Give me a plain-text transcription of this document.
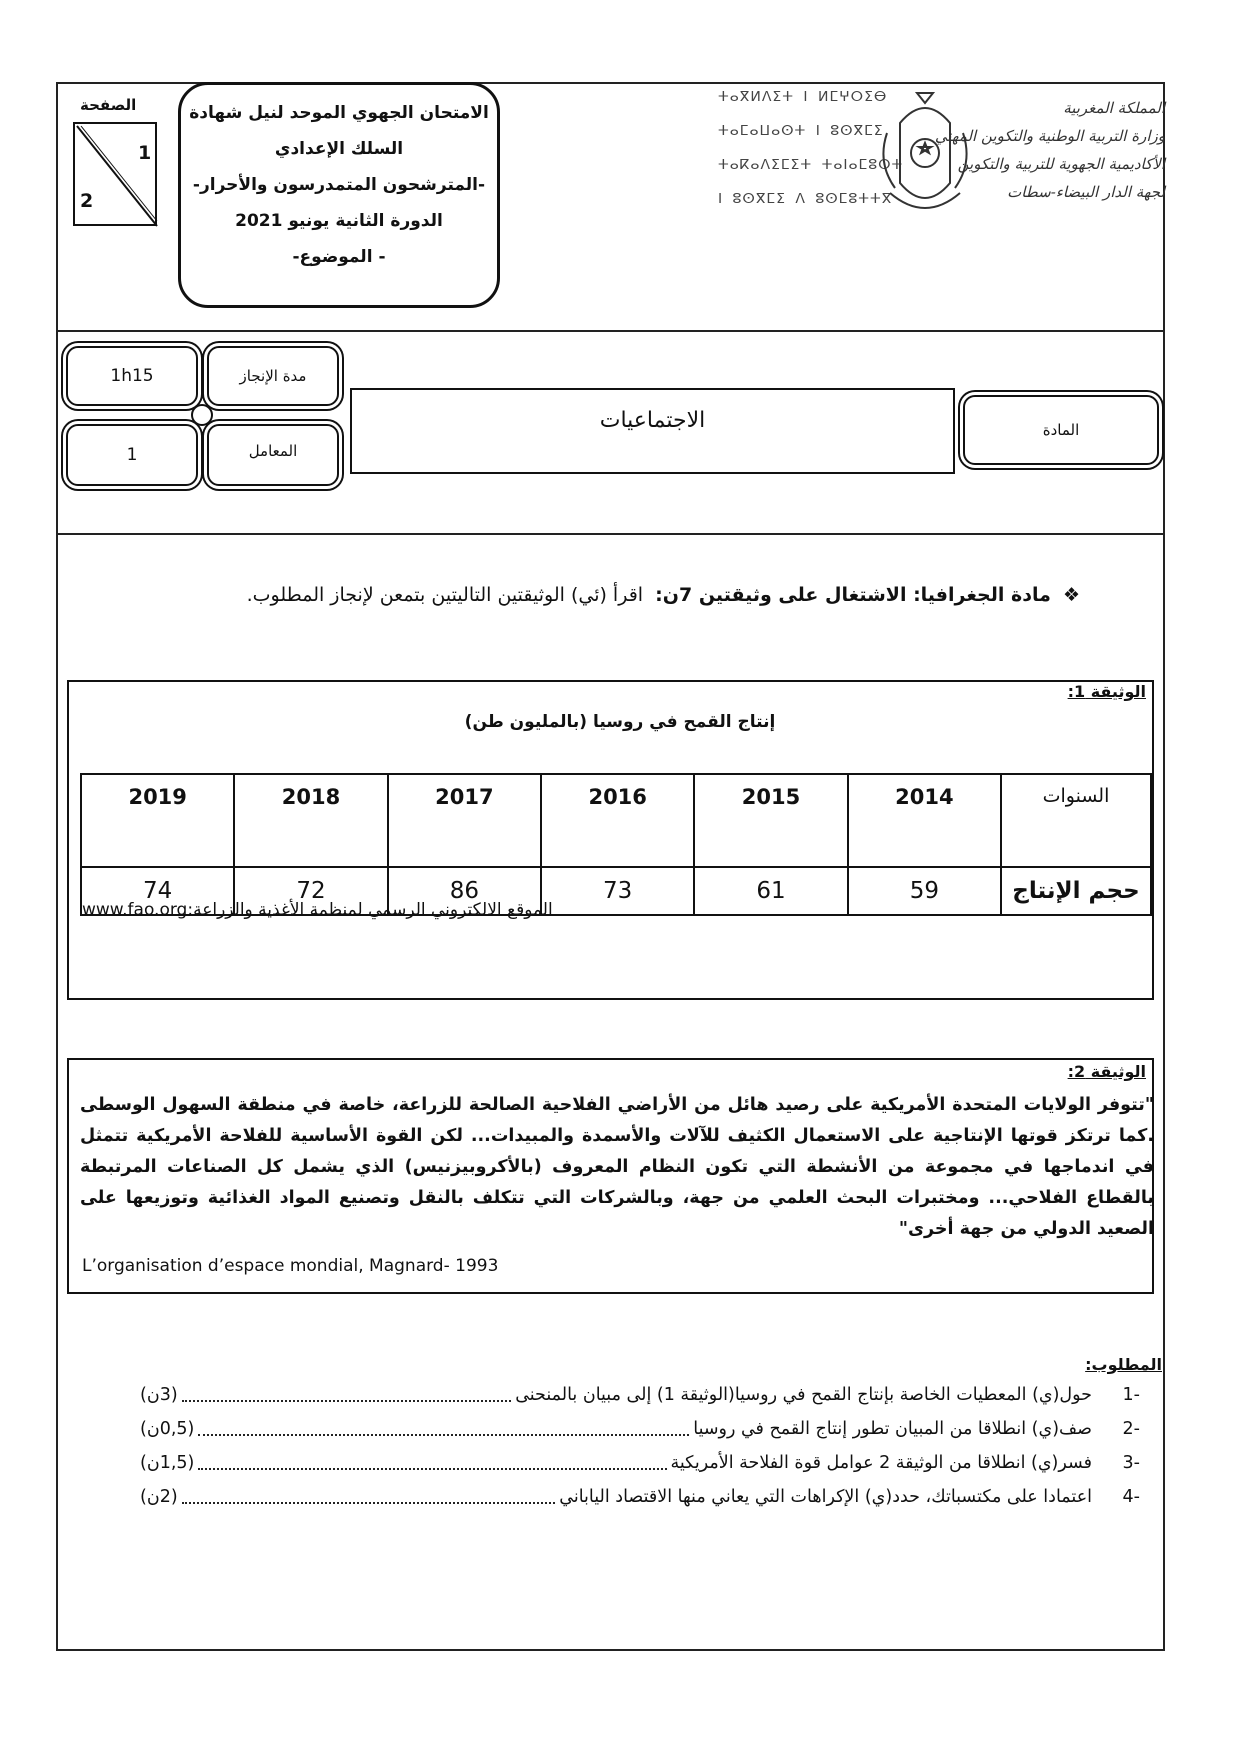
الصفحة
1
2
الامتحان الجهوي الموحد لنيل شهادة السلك الإعدادي
-المترشحون المتمدرسون والأحرار-
الدورة الثانية يونيو 2021
- الموضوع-
ⵜⴰⴳⵍⴷⵉⵜ ⵏ ⵍⵎⵖⵔⵉⴱ
ⵜⴰⵎⴰⵡⴰⵙⵜ ⵏ ⵓⵙⴳⵎⵉ
ⵜⴰⴽⴰⴷⵉⵎⵉⵜ ⵜⴰⵏⴰⵎⵓⵔⵜ
ⵏ ⵓⵙⴳⵎⵉ ⴷ ⵓⵙⵎⵓⵜⵜⴳ
المملكة المغربية
وزارة التربية الوطنية والتكوين المهني
الأكاديمية الجهوية للتربية والتكوين
لجهة الدار البيضاء-سطات
1h15	مدة الإنجاز
1	المعامل
الاجتماعيات	المادة
❖  مادة الجغرافيا: الاشتغال على وثيقتين 7ن:  اقرأ (ئي) الوثيقتين التاليتين بتمعن لإنجاز المطلوب.
الوثيقة 1:
إنتاج القمح في روسيا (بالمليون طن)
السنوات	2014	2015	2016	2017	2018	2019
حجم الإنتاج	59	61	73	86	72	74
www.fao.org الموقع الالكتروني الرسمي لمنظمة الأغذية والزراعة:
الوثيقة 2:
"تتوفر الولايات المتحدة الأمريكية على رصيد هائل من الأراضي الفلاحية الصالحة للزراعة، خاصة في منطقة السهول الوسطى .كما ترتكز قوتها الإنتاجية على الاستعمال الكثيف للآلات والأسمدة والمبيدات... لكن القوة الأساسية للفلاحة الأمريكية تتمثل في اندماجها في مجموعة من الأنشطة التي تكون النظام المعروف (بالأكروبيزنيس) الذي يشمل كل الصناعات المرتبطة بالقطاع الفلاحي... ومختبرات البحث العلمي من جهة، وبالشركات التي تتكلف بالنقل وتصنيع المواد الغذائية وتوزيعها على الصعيد الدولي من جهة أخرى"
L’organisation d’espace mondial, Magnard- 1993
المطلوب:
-1
حول(ي) المعطيات الخاصة بإنتاج القمح في روسيا(الوثيقة 1) إلى مبيان بالمنحنى
(3ن)
-2
صف(ي) انطلاقا من المبيان تطور إنتاج القمح في روسيا
(0,5ن)
-3
فسر(ي) انطلاقا من الوثيقة 2 عوامل قوة الفلاحة الأمريكية
(1,5ن)
-4
اعتمادا على مكتسباتك، حدد(ي) الإكراهات التي يعاني منها الاقتصاد الياباني
(2ن)
